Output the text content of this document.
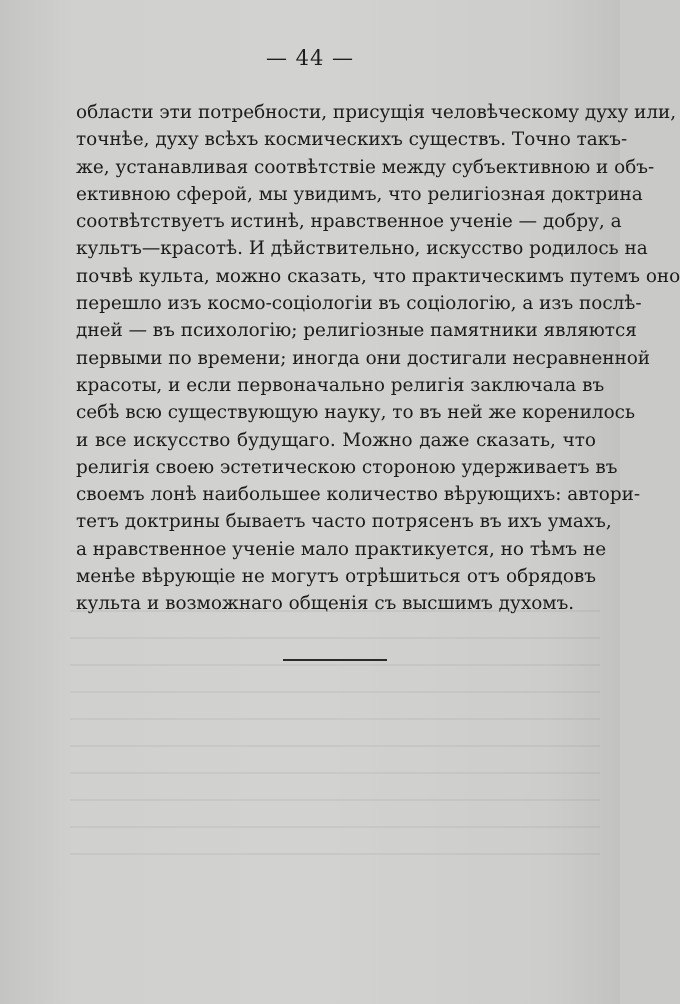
— 44 —
области эти потребности, присущія человѣческому духу или,
точнѣе, духу всѣхъ космическихъ существъ. Точно такъ-
же, устанавливая соотвѣтствіе между субъективною и объ-
ективною сферой, мы увидимъ, что религіозная доктрина
соотвѣтствуетъ истинѣ, нравственное ученіе — добру, а
культъ—красотѣ. И дѣйствительно, искусство родилось на
почвѣ культа, можно сказать, что практическимъ путемъ оно
перешло изъ космо-соціологіи въ соціологію, а изъ послѣ-
дней — въ психологію; религіозные памятники являются
первыми по времени; иногда они достигали несравненной
красоты, и если первоначально религія заключала въ
себѣ всю существующую науку, то въ ней же коренилось
и все искусство будущаго. Можно даже сказать, что
религія своею эстетическою стороною удерживаетъ въ
своемъ лонѣ наибольшее количество вѣрующихъ: автори-
тетъ доктрины бываетъ часто потрясенъ въ ихъ умахъ,
а нравственное ученіе мало практикуется, но тѣмъ не
менѣе вѣрующіе не могутъ отрѣшиться отъ обрядовъ
культа и возможнаго общенія съ высшимъ духомъ.
